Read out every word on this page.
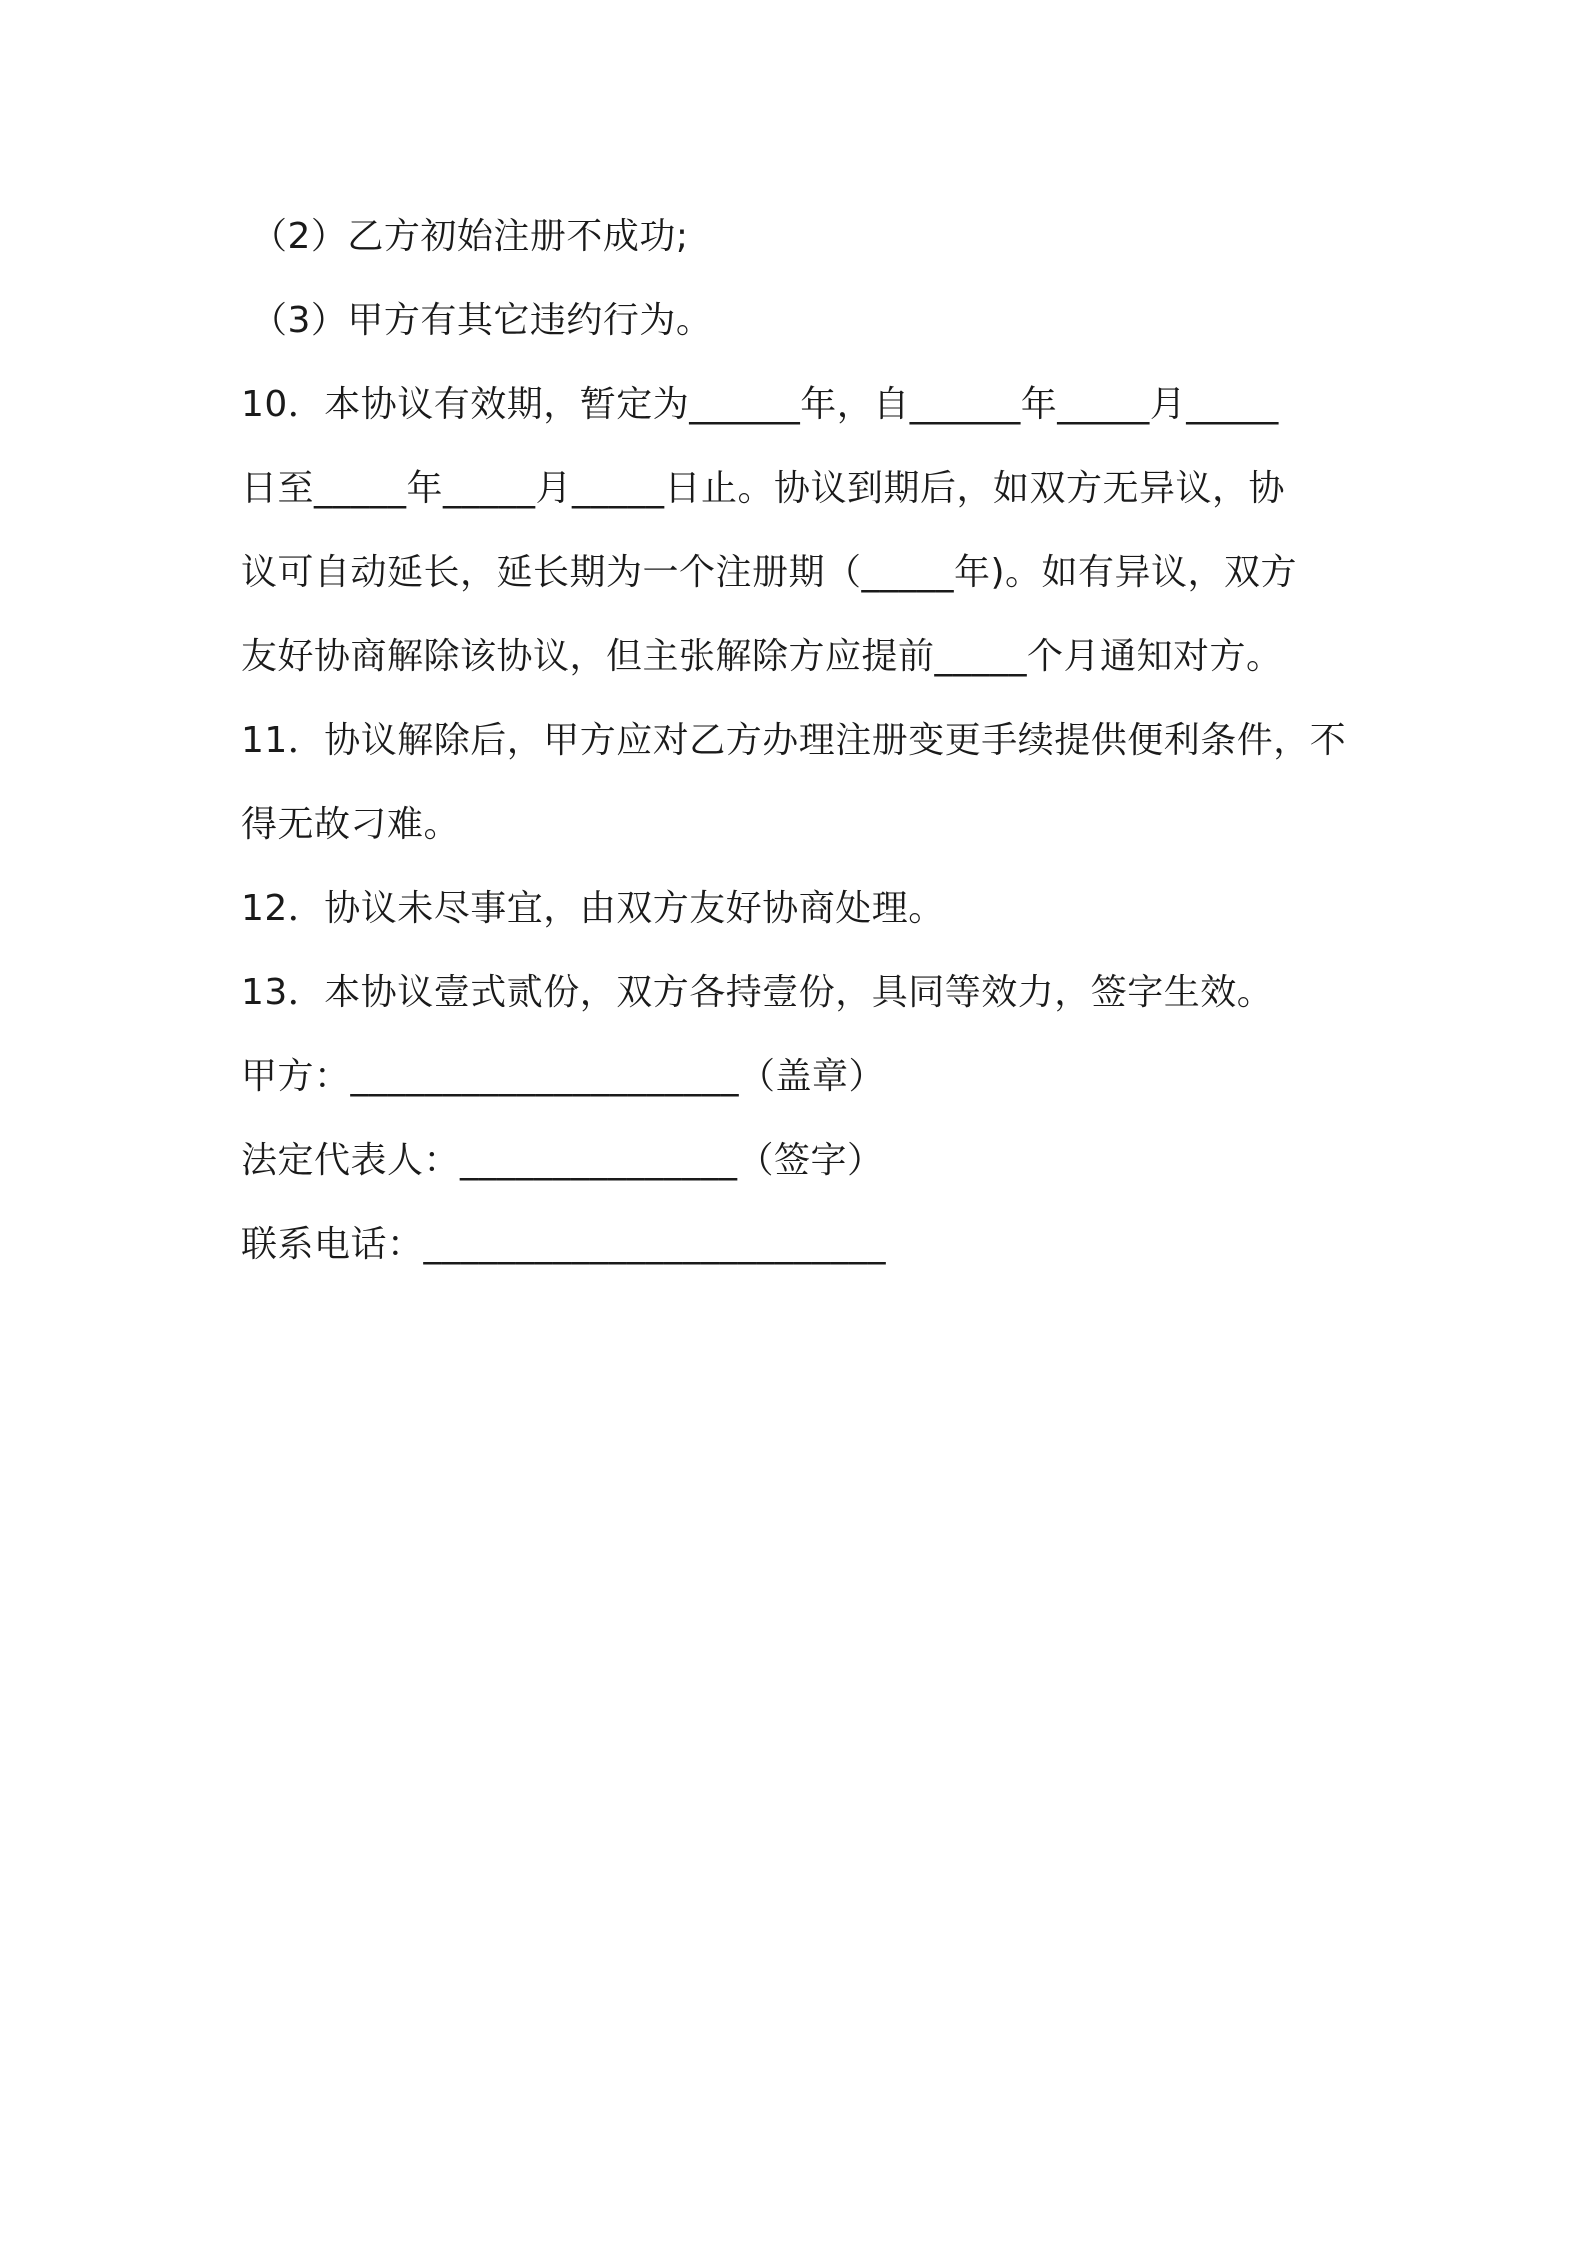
（2）乙方初始注册不成功;

（3）甲方有其它违约行为。

10．本协议有效期，暂定为______年，自______年_____月_____

日至_____年_____月_____日止。协议到期后，如双方无异议，协

议可自动延长，延长期为一个注册期（_____年)。如有异议，双方

友好协商解除该协议，但主张解除方应提前_____个月通知对方。

11．协议解除后，甲方应对乙方办理注册变更手续提供便利条件，不

得无故刁难。

12．协议未尽事宜，由双方友好协商处理。

13．本协议壹式贰份，双方各持壹份，具同等效力，签字生效。

甲方：_____________________（盖章）

法定代表人：_______________（签字）

联系电话：_________________________
